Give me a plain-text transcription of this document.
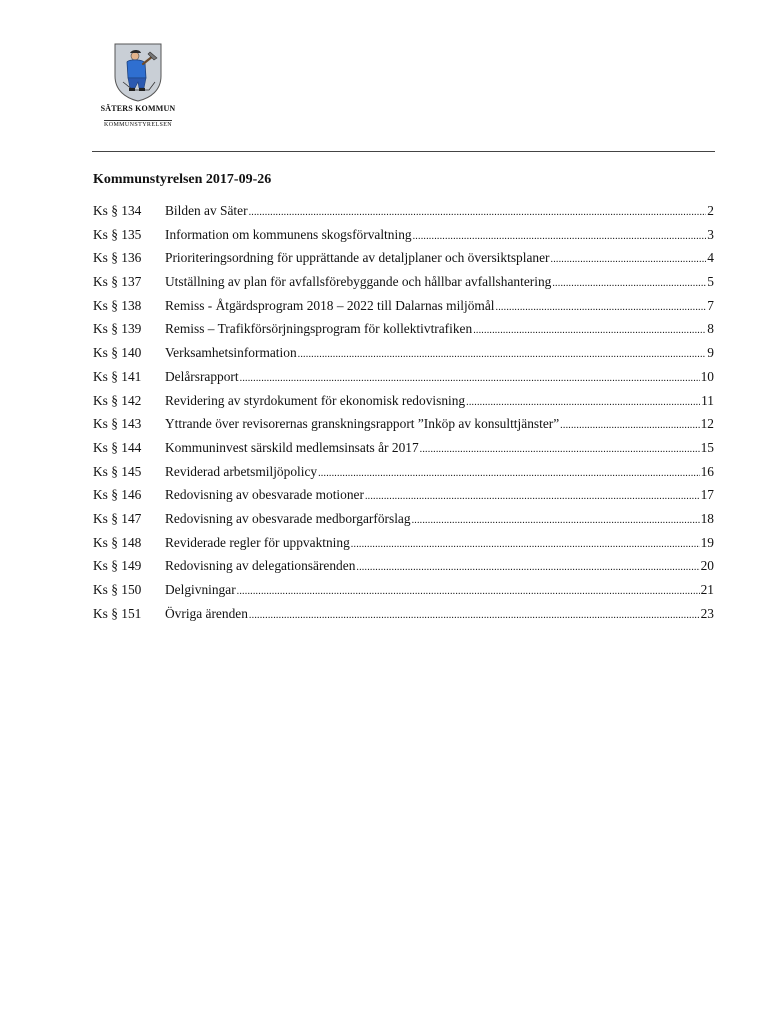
SÄTERS KOMMUN
KOMMUNSTYRELSEN
Kommunstyrelsen 2017-09-26
Ks § 134	Bilden av Säter .....	2
Ks § 135	Information om kommunens skogsförvaltning .....	3
Ks § 136	Prioriteringsordning för upprättande av detaljplaner och översiktsplaner .....	4
Ks § 137	Utställning av plan för avfallsförebyggande och hållbar avfallshantering .....	5
Ks § 138	Remiss - Åtgärdsprogram 2018 – 2022 till Dalarnas miljömål .....	7
Ks § 139	Remiss – Trafikförsörjningsprogram för kollektivtrafiken .....	8
Ks § 140	Verksamhetsinformation .....	9
Ks § 141	Delårsrapport .....	10
Ks § 142	Revidering av styrdokument för ekonomisk redovisning .....	11
Ks § 143	Yttrande över revisorernas granskningsrapport ”Inköp av konsulttjänster” .....	12
Ks § 144	Kommuninvest särskild medlemsinsats år 2017 .....	15
Ks § 145	Reviderad arbetsmiljöpolicy .....	16
Ks § 146	Redovisning av obesvarade motioner .....	17
Ks § 147	Redovisning av obesvarade medborgarförslag .....	18
Ks § 148	Reviderade regler för uppvaktning .....	19
Ks § 149	Redovisning av delegationsärenden .....	20
Ks § 150	Delgivningar .....	21
Ks § 151	Övriga ärenden .....	23
